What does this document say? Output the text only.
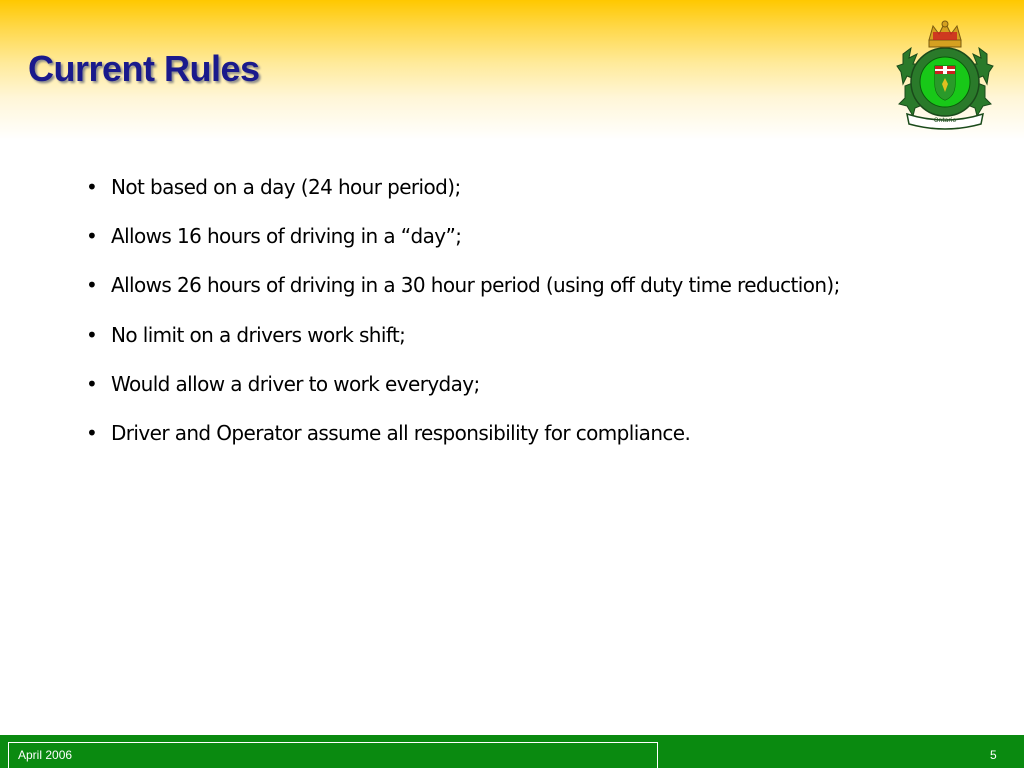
Current Rules
Ontario
• Not based on a day (24 hour period);
• Allows 16 hours of driving in a “day”;
• Allows 26 hours of driving in a 30 hour period (using off duty time reduction);
• No limit on a drivers work shift;
• Would allow a driver to work everyday;
• Driver and Operator assume all responsibility for compliance.
April 2006	5
